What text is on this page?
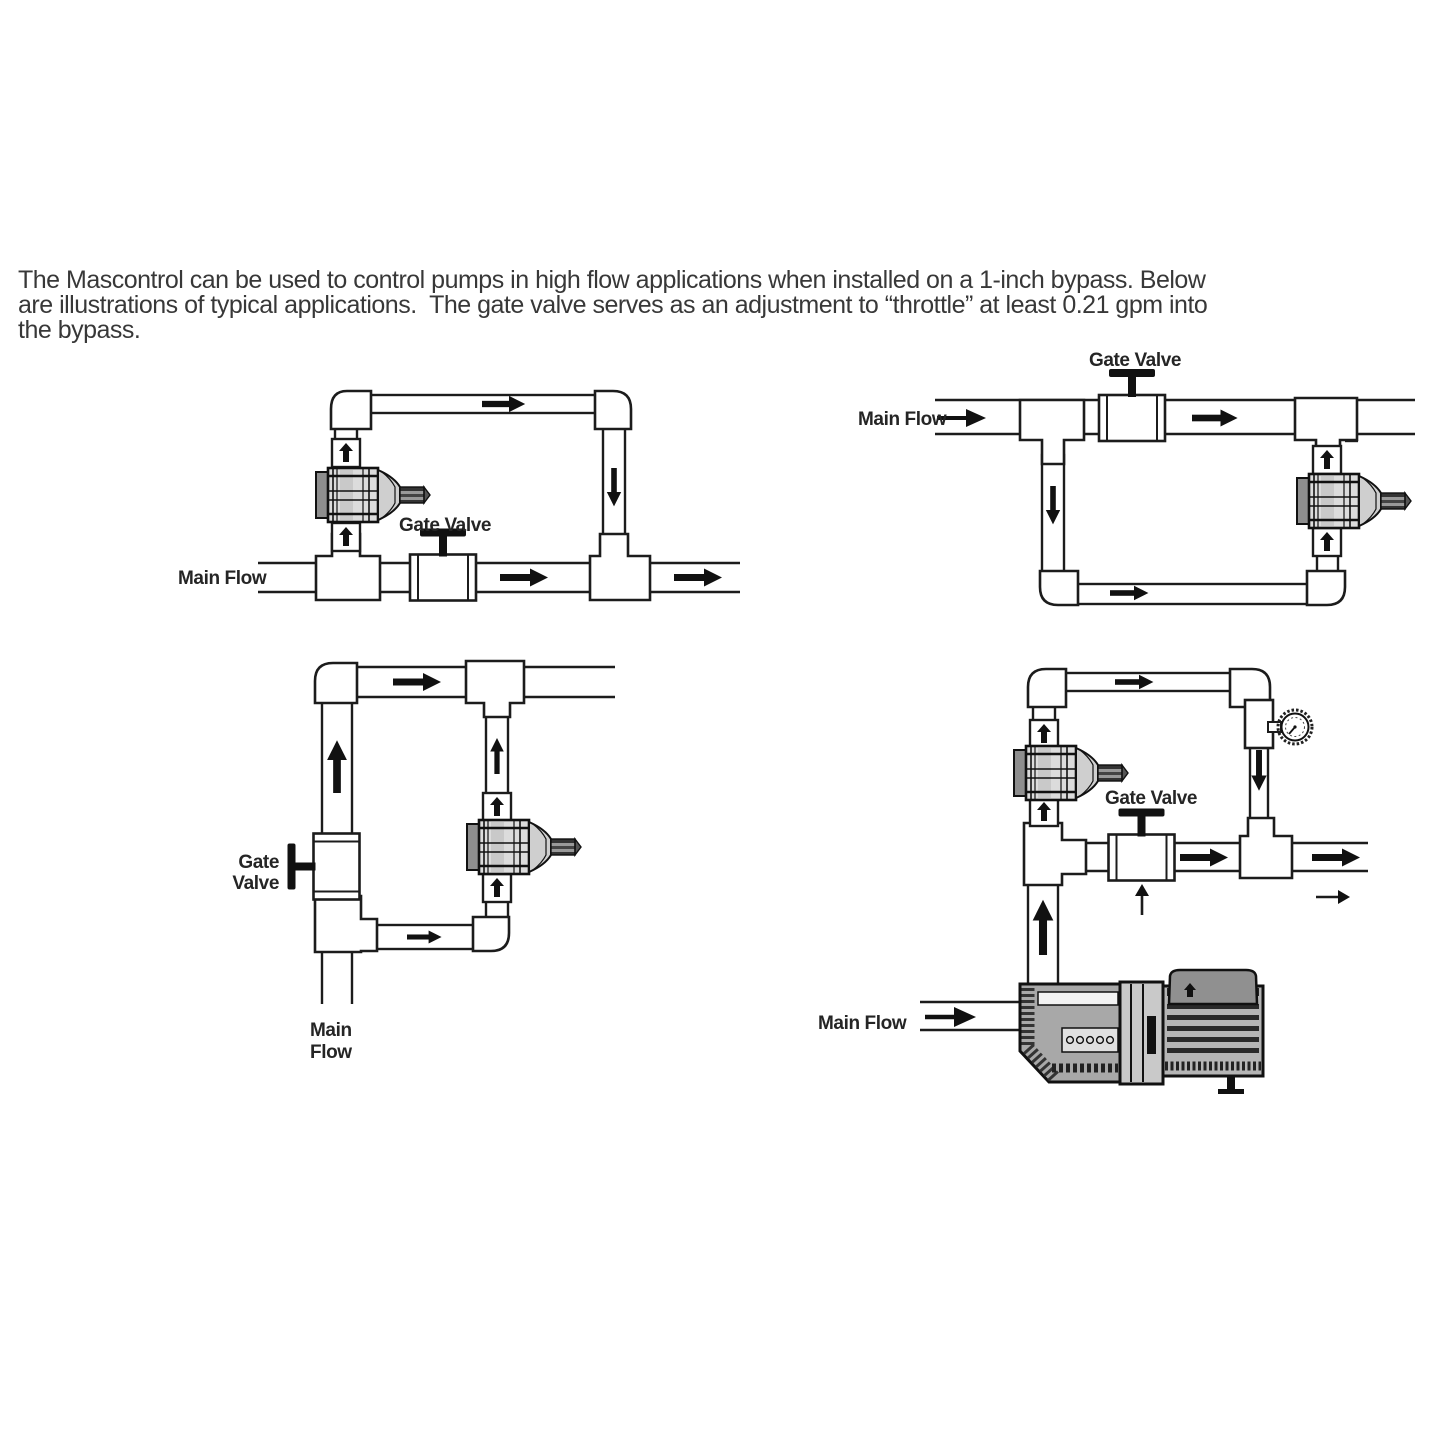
The Mascontrol can be used to control pumps in high flow applications when installed on a 1-inch bypass. Below
are illustrations of typical applications.  The gate valve serves as an adjustment to “throttle” at least 0.21 gpm into
the bypass.
Gate Valve
Main Flow
Gate Valve
Main Flow
Gate
Valve
Main
Flow
Gate Valve
Main Flow
